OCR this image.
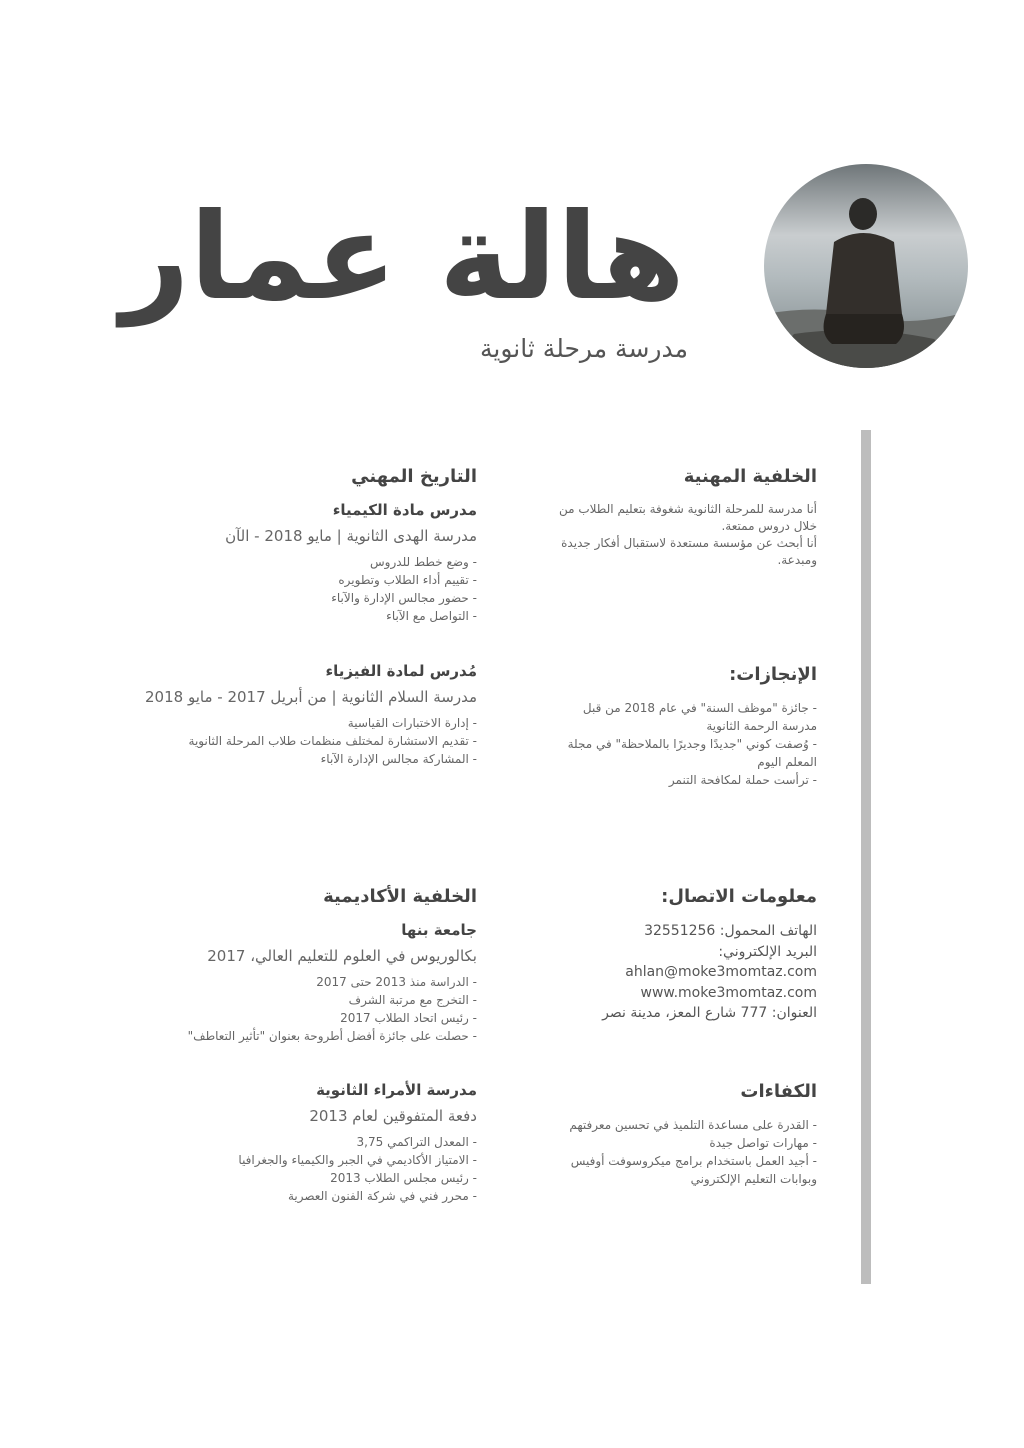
هالة عمار
مدرسة مرحلة ثانوية
الخلفية المهنية

أنا مدرسة للمرحلة الثانوية شغوفة بتعليم الطلاب من خلال دروس ممتعة.

أنا أبحث عن مؤسسة مستعدة لاستقبال أفكار جديدة ومبدعة.

الإنجازات:
- جائزة "موظف السنة" في عام 2018 من قبل مدرسة الرحمة الثانوية
- وُصفت كوني "جديدًا وجديرًا بالملاحظة" في مجلة المعلم اليوم
- ترأست حملة لمكافحة التنمر
معلومات الاتصال:
الهاتف المحمول: 32551256
البريد الإلكتروني:
ahlan@moke3momtaz.com
www.moke3momtaz.com
العنوان: 777 شارع المعز، مدينة نصر
الكفاءات
- القدرة على مساعدة التلميذ في تحسين معرفتهم
- مهارات تواصل جيدة
- أجيد العمل باستخدام برامج ميكروسوفت أوفيس وبوابات التعليم الإلكتروني
التاريخ المهني
مدرس مادة الكيمياء
مدرسة الهدى الثانوية | مايو 2018 - الآن
- وضع خطط للدروس
- تقييم أداء الطلاب وتطويره
- حضور مجالس الإدارة والآباء
- التواصل مع الآباء
مُدرس لمادة الفيزياء
مدرسة السلام الثانوية | من أبريل 2017 - مايو 2018
- إدارة الاختبارات القياسية
- تقديم الاستشارة لمختلف منظمات طلاب المرحلة الثانوية
- المشاركة مجالس الإدارة الآباء
الخلفية الأكاديمية
جامعة بنها
بكالوريوس في العلوم للتعليم العالي، 2017
- الدراسة منذ 2013 حتى 2017
- التخرج مع مرتبة الشرف
- رئيس اتحاد الطلاب 2017
- حصلت على جائزة أفضل أطروحة بعنوان "تأثير التعاطف"
مدرسة الأمراء الثانوية
دفعة المتفوقين لعام 2013
- المعدل التراكمي 3,75
- الامتياز الأكاديمي في الجبر والكيمياء والجغرافيا
- رئيس مجلس الطلاب 2013
- محرر فني في شركة الفنون العصرية
